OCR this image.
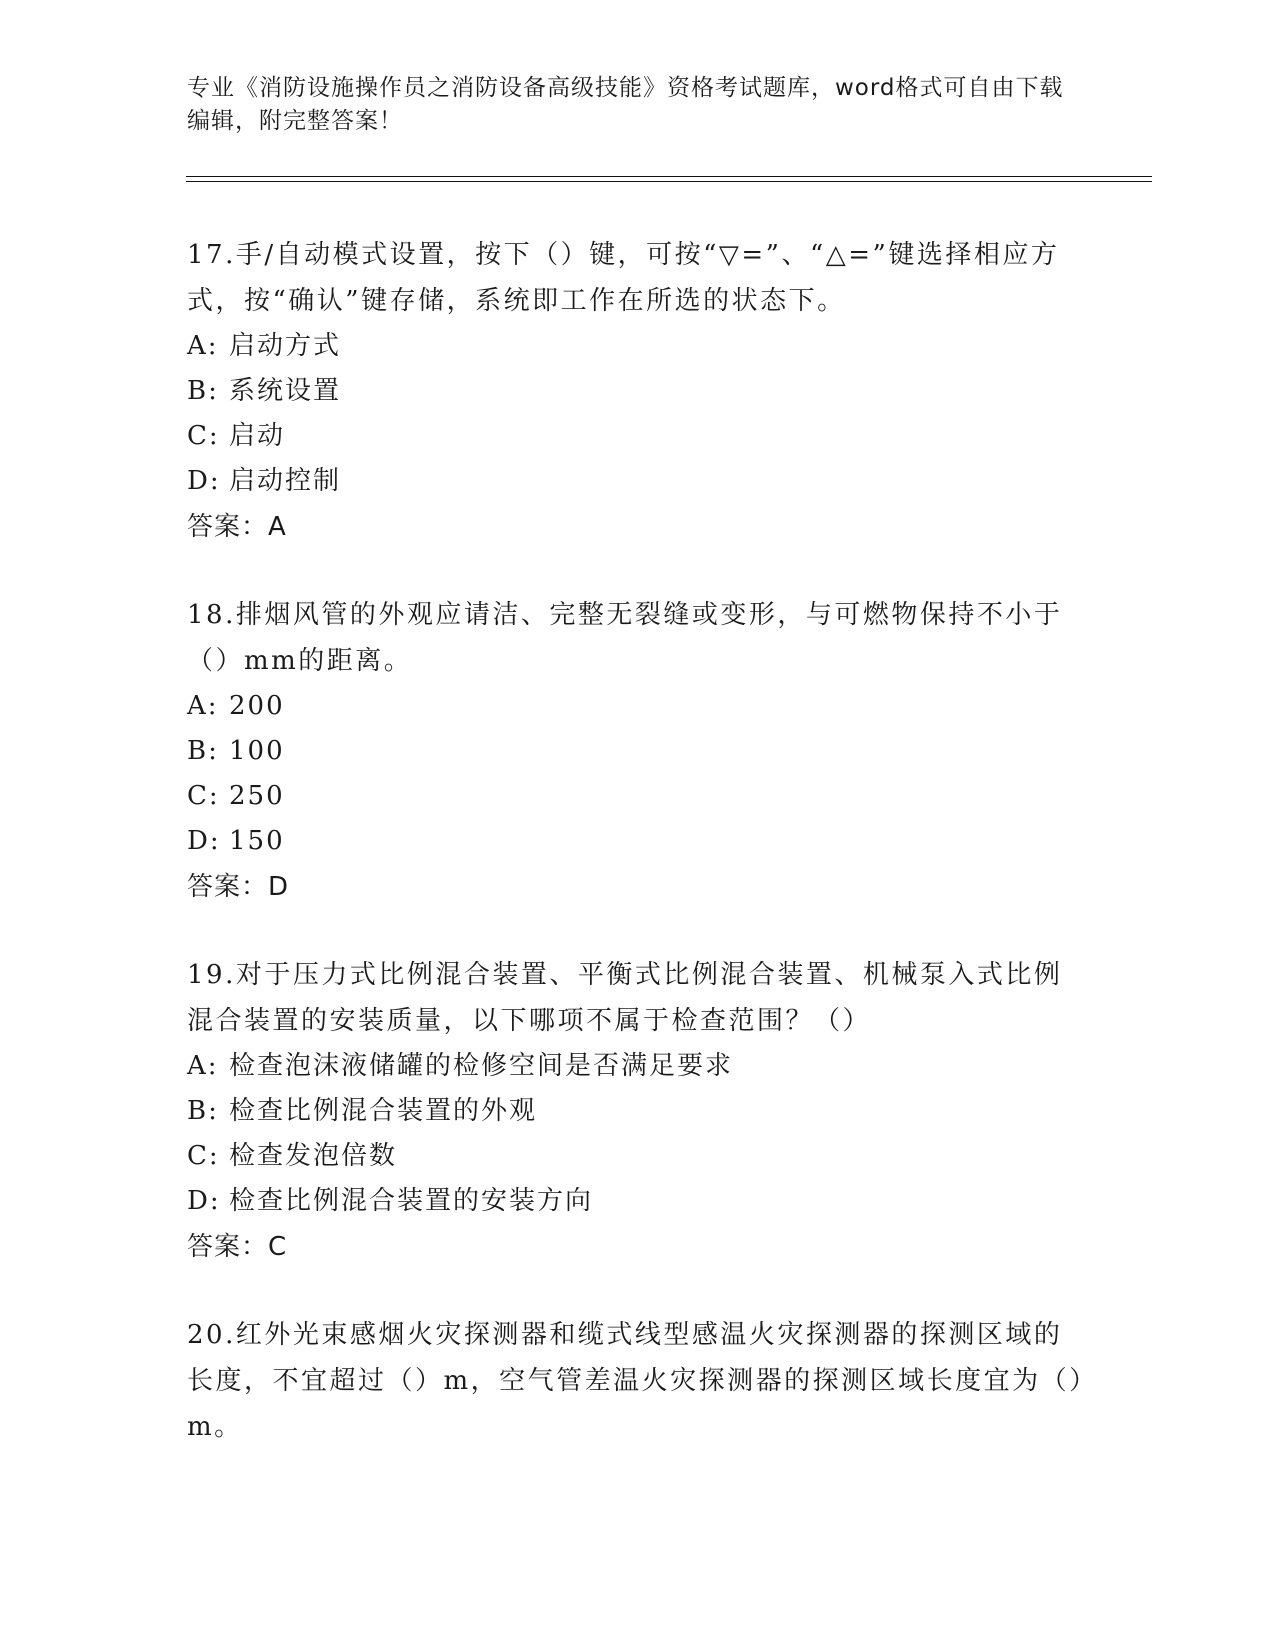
专业《消防设施操作员之消防设备高级技能》资格考试题库，word格式可自由下载编辑，附完整答案！

17.手/自动模式设置，按下（）键，可按“▽=”、“△=”键选择相应方式，按“确认”键存储，系统即工作在所选的状态下。

A: 启动方式

B: 系统设置

C: 启动

D: 启动控制

答案：A

18.排烟风管的外观应请洁、完整无裂缝或变形，与可燃物保持不小于（）mm的距离。

A: 200

B: 100

C: 250

D: 150

答案：D

19.对于压力式比例混合装置、平衡式比例混合装置、机械泵入式比例混合装置的安装质量，以下哪项不属于检查范围？（）

A: 检查泡沫液储罐的检修空间是否满足要求

B: 检查比例混合装置的外观

C: 检查发泡倍数

D: 检查比例混合装置的安装方向

答案：C

20.红外光束感烟火灾探测器和缆式线型感温火灾探测器的探测区域的长度，不宜超过（）m，空气管差温火灾探测器的探测区域长度宜为（）m。
